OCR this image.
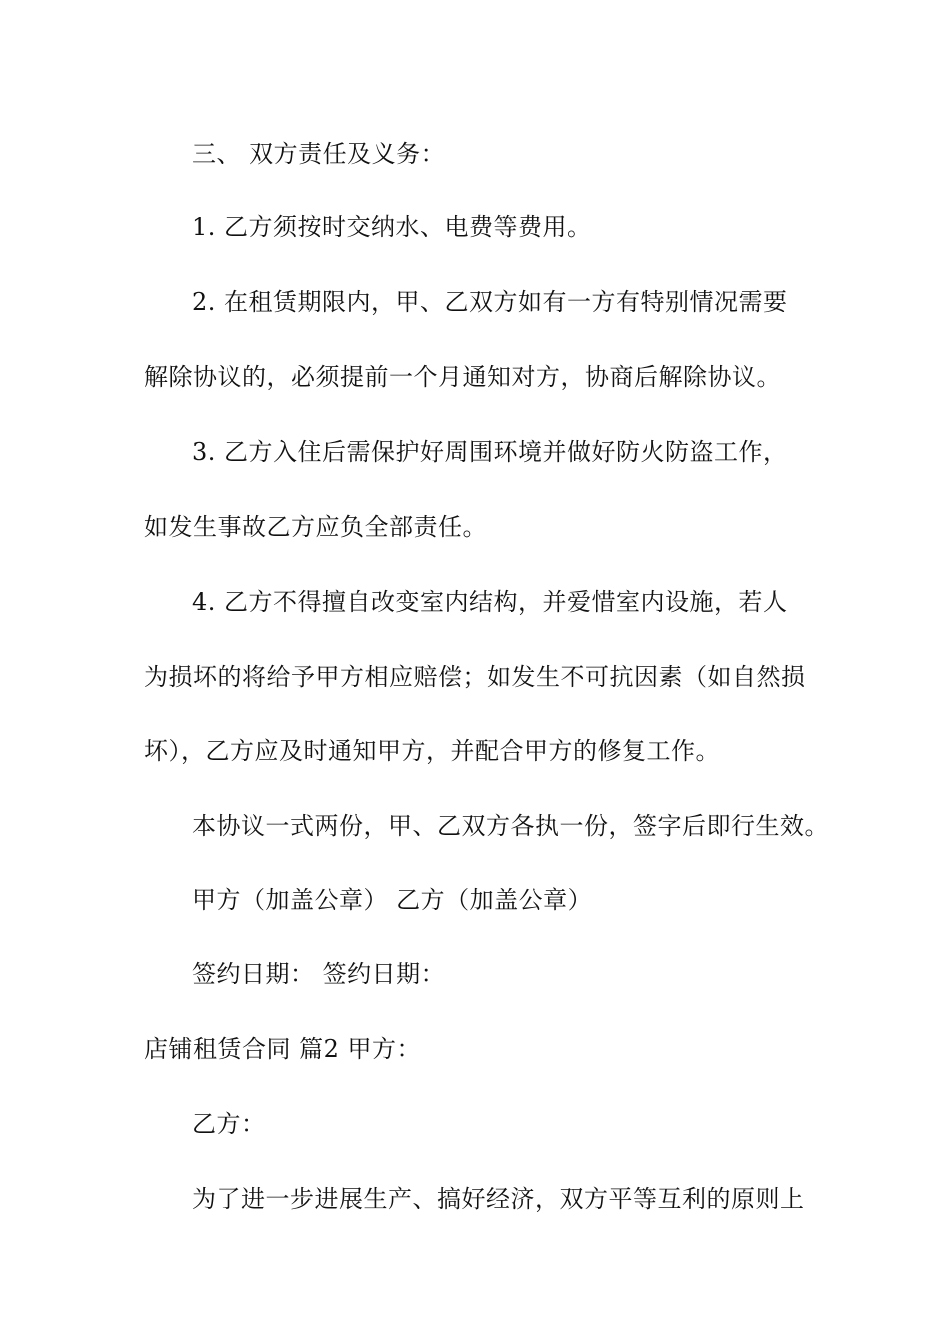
三、 双方责任及义务：
1. 乙方须按时交纳水、电费等费用。
2. 在租赁期限内，甲、乙双方如有一方有特别情况需要
解除协议的，必须提前一个月通知对方，协商后解除协议。
3. 乙方入住后需保护好周围环境并做好防火防盗工作，
如发生事故乙方应负全部责任。
4. 乙方不得擅自改变室内结构，并爱惜室内设施，若人
为损坏的将给予甲方相应赔偿；如发生不可抗因素（如自然损
坏），乙方应及时通知甲方，并配合甲方的修复工作。
本协议一式两份，甲、乙双方各执一份，签字后即行生效。
甲方（加盖公章） 乙方（加盖公章）
签约日期： 签约日期：
店铺租赁合同 篇2 甲方：
乙方：
为了进一步进展生产、搞好经济，双方平等互利的原则上
